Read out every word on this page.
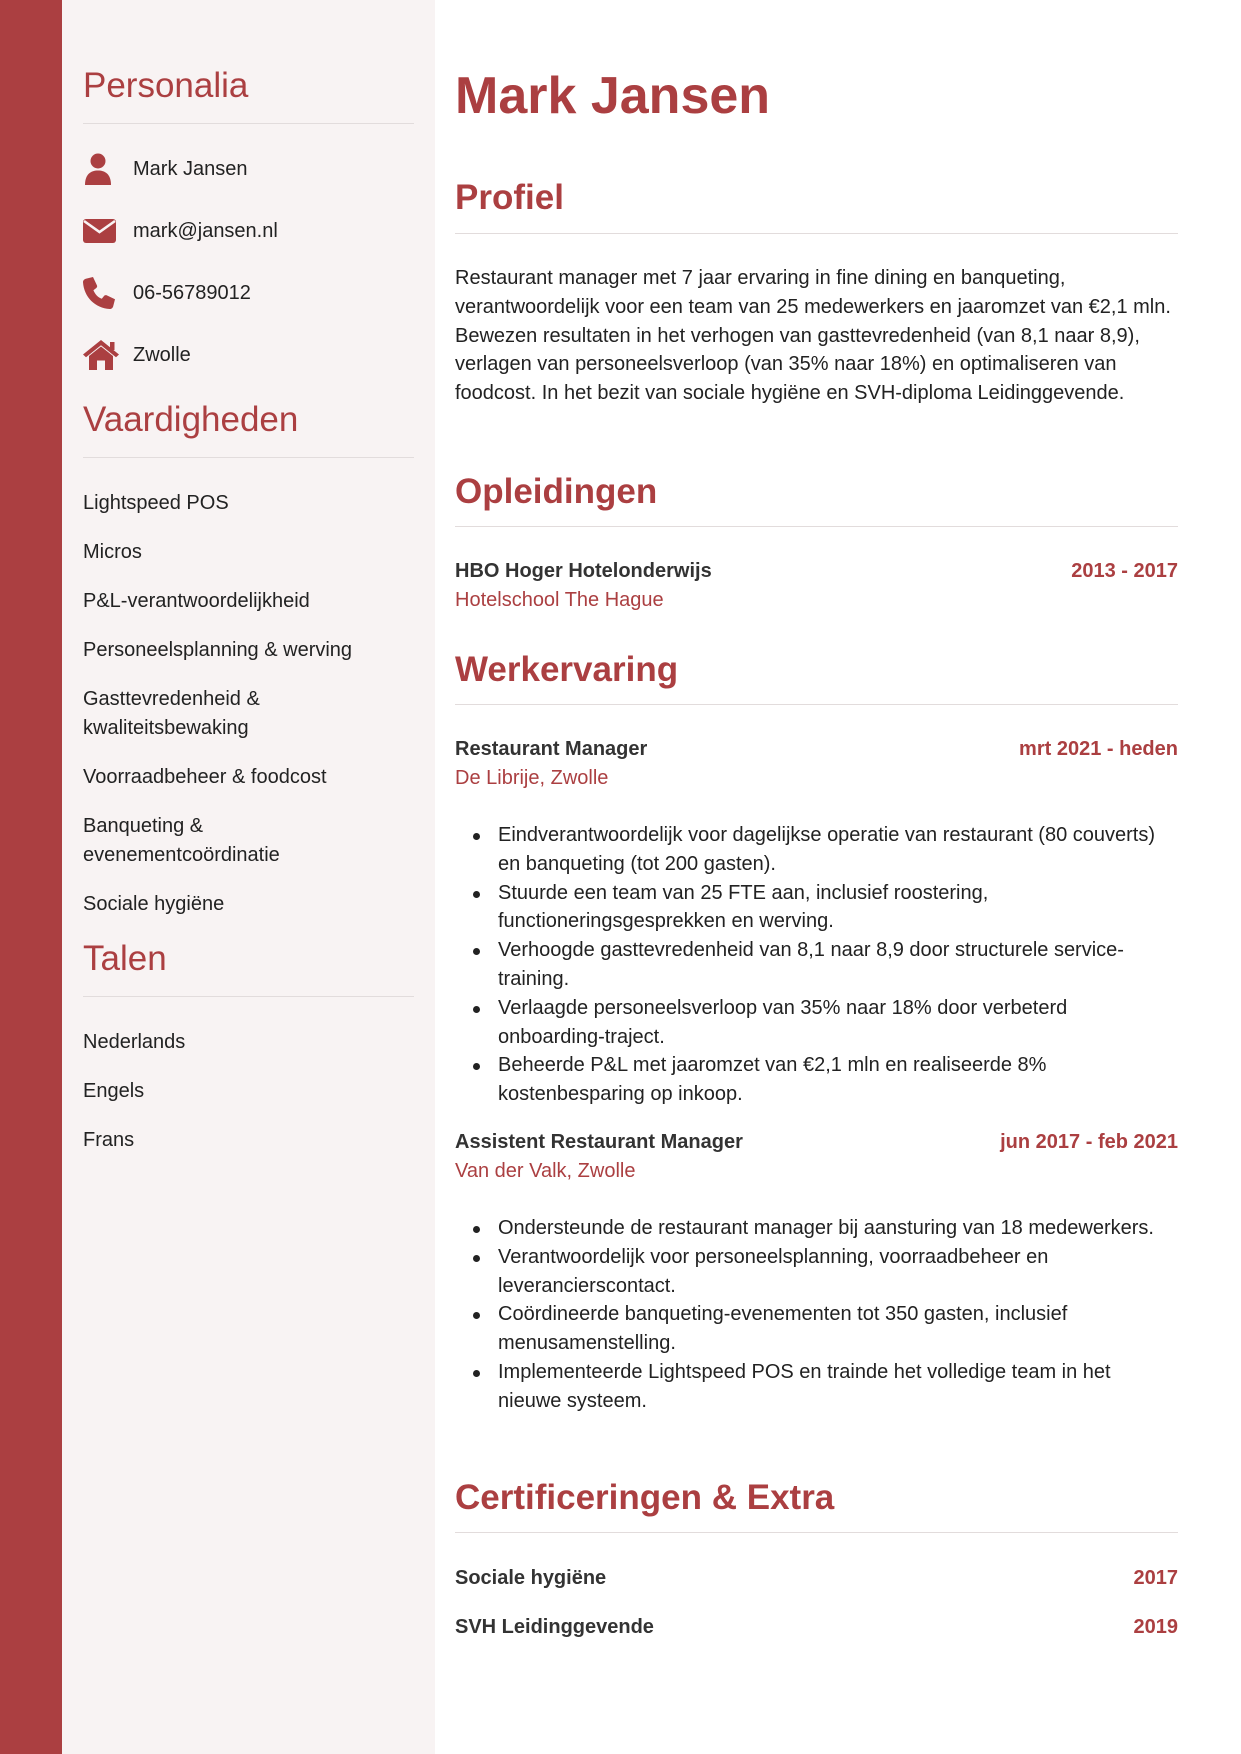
Personalia
Mark Jansen
mark@jansen.nl
06-56789012
Zwolle
Vaardigheden
Lightspeed POS
Micros
P&L-verantwoordelijkheid
Personeelsplanning & werving
Gasttevredenheid & kwaliteitsbewaking
Voorraadbeheer & foodcost
Banqueting & evenementcoördinatie
Sociale hygiëne
Talen
Nederlands
Engels
Frans
Mark Jansen
Profiel

Restaurant manager met 7 jaar ervaring in fine dining en banqueting, verantwoordelijk voor een team van 25 medewerkers en jaaromzet van €2,1 mln. Bewezen resultaten in het verhogen van gasttevredenheid (van 8,1 naar 8,9), verlagen van personeelsverloop (van 35% naar 18%) en optimaliseren van foodcost. In het bezit van sociale hygiëne en SVH-diploma Leidinggevende.

Opleidingen
HBO Hoger Hotelonderwijs	2013 - 2017
Hotelschool The Hague
Werkervaring
Restaurant Manager	mrt 2021 - heden
De Librije, Zwolle
Eindverantwoordelijk voor dagelijkse operatie van restaurant (80 couverts) en banqueting (tot 200 gasten).
Stuurde een team van 25 FTE aan, inclusief roostering, functioneringsgesprekken en werving.
Verhoogde gasttevredenheid van 8,1 naar 8,9 door structurele service-training.
Verlaagde personeelsverloop van 35% naar 18% door verbeterd onboarding-traject.
Beheerde P&L met jaaromzet van €2,1 mln en realiseerde 8% kostenbesparing op inkoop.
Assistent Restaurant Manager	jun 2017 - feb 2021
Van der Valk, Zwolle
Ondersteunde de restaurant manager bij aansturing van 18 medewerkers.
Verantwoordelijk voor personeelsplanning, voorraadbeheer en leverancierscontact.
Coördineerde banqueting-evenementen tot 350 gasten, inclusief menusamenstelling.
Implementeerde Lightspeed POS en trainde het volledige team in het nieuwe systeem.
Certificeringen & Extra
Sociale hygiëne	2017
SVH Leidinggevende	2019
